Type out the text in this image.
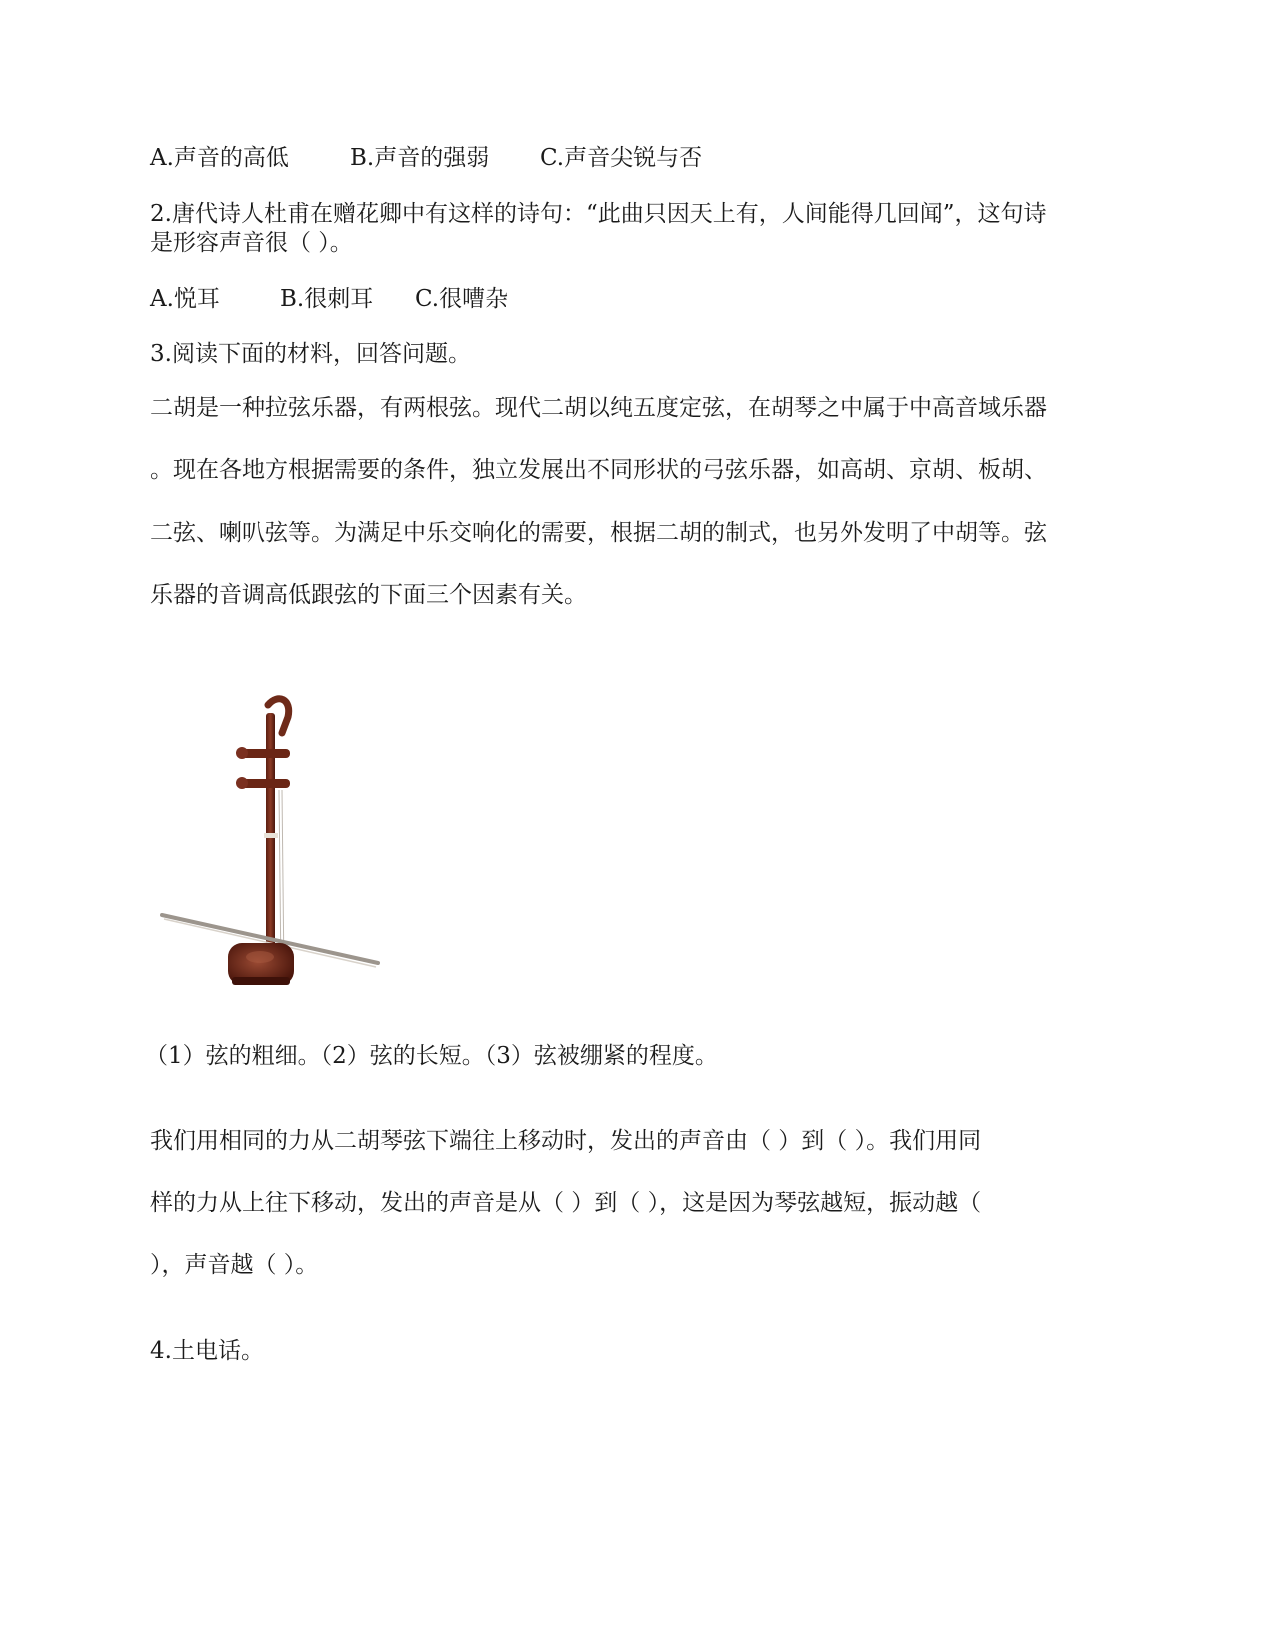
A.声音的高低	B.声音的强弱 C.声音尖锐与否
2.唐代诗人杜甫在赠花卿中有这样的诗句：“此曲只因天上有，人间能得几回闻”，这句诗
是形容声音很（ ）。
A.悦耳	B.很刺耳 C.很嘈杂
3.阅读下面的材料，回答问题。
二胡是一种拉弦乐器，有两根弦。现代二胡以纯五度定弦，在胡琴之中属于中高音域乐器
。现在各地方根据需要的条件，独立发展出不同形状的弓弦乐器，如高胡、京胡、板胡、
二弦、喇叭弦等。为满足中乐交响化的需要，根据二胡的制式，也另外发明了中胡等。弦
乐器的音调高低跟弦的下面三个因素有关。
（1）弦的粗细。（2）弦的长短。（3）弦被绷紧的程度。
我们用相同的力从二胡琴弦下端往上移动时，发出的声音由（ ）到（ ）。我们用同
样的力从上往下移动，发出的声音是从（ ）到（ ），这是因为琴弦越短，振动越（
），声音越（ ）。
4.土电话。
